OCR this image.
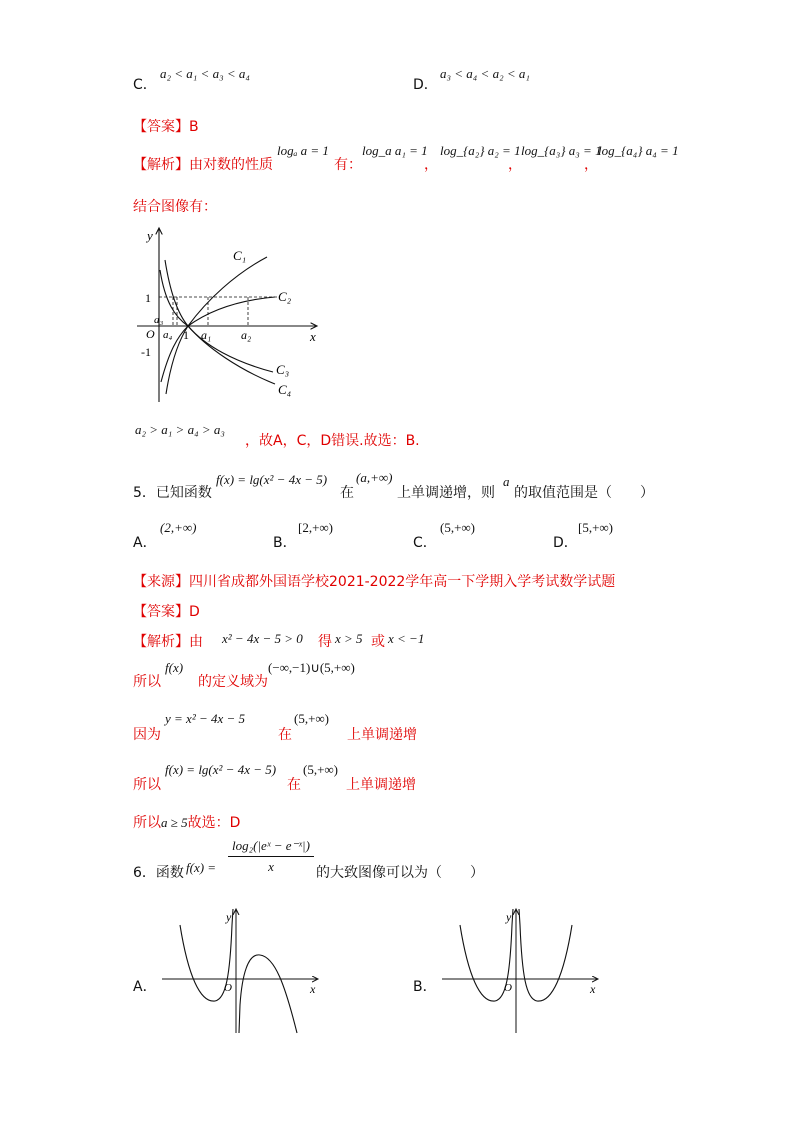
C．
a₂ < a₁ < a₃ < a₄
D．
a₃ < a₄ < a₂ < a₁
【答案】B
【解析】由对数的性质
logₐ a = 1
有：
log_a a₁ = 1
，
log_{a₂} a₂ = 1
，
log_{a₃} a₃ = 1
，
log_{a₄} a₄ = 1
结合图像有：
y
x
1
-1
O
a₃
a₄ 1 a₁ a₂
C₁
C₂
C₃
C₄
a₂ > a₁ > a₄ > a₃
，故A，C，D错误.故选：B.
5．已知函数
f(x) = lg(x² − 4x − 5)
在
(a,+∞)
上单调递增，则
a
的取值范围是（　　）
A．
(2,+∞)
B．
[2,+∞)
C．
(5,+∞)
D．
[5,+∞)
【来源】四川省成都外国语学校2021-2022学年高一下学期入学考试数学试题
【答案】D
【解析】由 x² − 4x − 5 > 0 得 x > 5 或 x < −1
所以
f(x)
的定义域为
(−∞,−1)∪(5,+∞)
因为
y = x² − 4x − 5
在
(5,+∞)
上单调递增
所以
f(x) = lg(x² − 4x − 5)
在
(5,+∞)
上单调递增
所以a ≥ 5故选：D
6．函数 $f(x) = \frac{\text{log₂(|eˣ − e⁻ˣ|)}}{x}$ 的大致图像可以为（　　）
A．
y
x
O	B．
y
x
O
